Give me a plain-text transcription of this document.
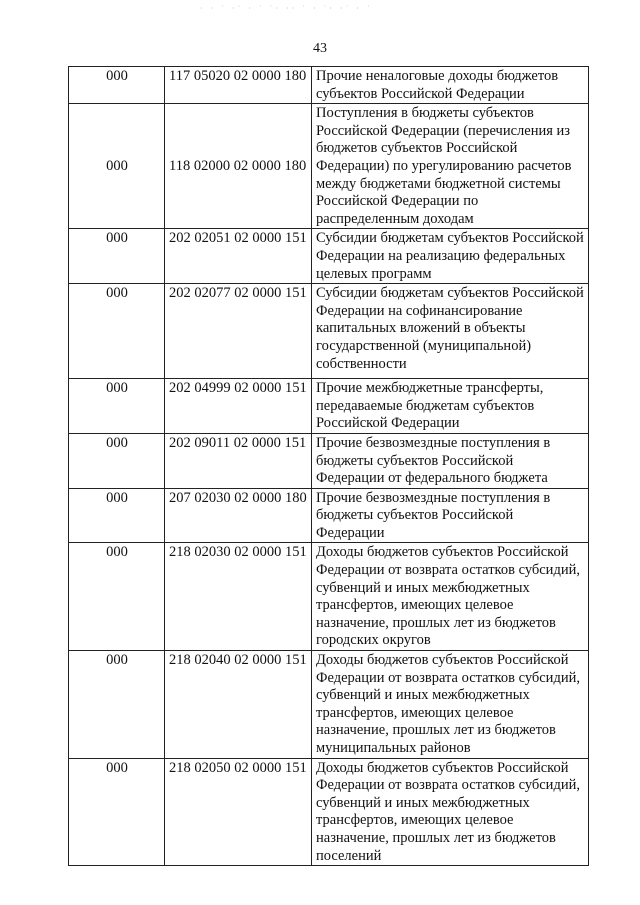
· · ˙ ·˙ · ˙ ˙· ·· ˙ · ˙· ·˙ · ˙
43
000	117 05020 02 0000 180	Прочие неналоговые доходы бюджетов субъектов Российской Федерации
000	118 02000 02 0000 180	Поступления в бюджеты субъектов Российской Федерации (перечисления из бюджетов субъектов Российской Федерации) по урегулированию расчетов между бюджетами бюджетной системы Российской Федерации по распределенным доходам
000	202 02051 02 0000 151	Субсидии бюджетам субъектов Российской Федерации на реализацию федеральных целевых программ
000	202 02077 02 0000 151	Субсидии бюджетам субъектов Российской Федерации на софинансирование капитальных вложений в объекты государственной (муниципальной) собственности
000	202 04999 02 0000 151	Прочие межбюджетные трансферты, передаваемые бюджетам субъектов Российской Федерации
000	202 09011 02 0000 151	Прочие безвозмездные поступления в бюджеты субъектов Российской Федерации от федерального бюджета
000	207 02030 02 0000 180	Прочие безвозмездные поступления в бюджеты субъектов Российской Федерации
000	218 02030 02 0000 151	Доходы бюджетов субъектов Российской Федерации от возврата остатков субсидий, субвенций и иных межбюджетных трансфертов, имеющих целевое назначение, прошлых лет из бюджетов городских округов
000	218 02040 02 0000 151	Доходы бюджетов субъектов Российской Федерации от возврата остатков субсидий, субвенций и иных межбюджетных трансфертов, имеющих целевое назначение, прошлых лет из бюджетов муниципальных районов
000	218 02050 02 0000 151	Доходы бюджетов субъектов Российской Федерации от возврата остатков субсидий, субвенций и иных межбюджетных трансфертов, имеющих целевое назначение, прошлых лет из бюджетов поселений
